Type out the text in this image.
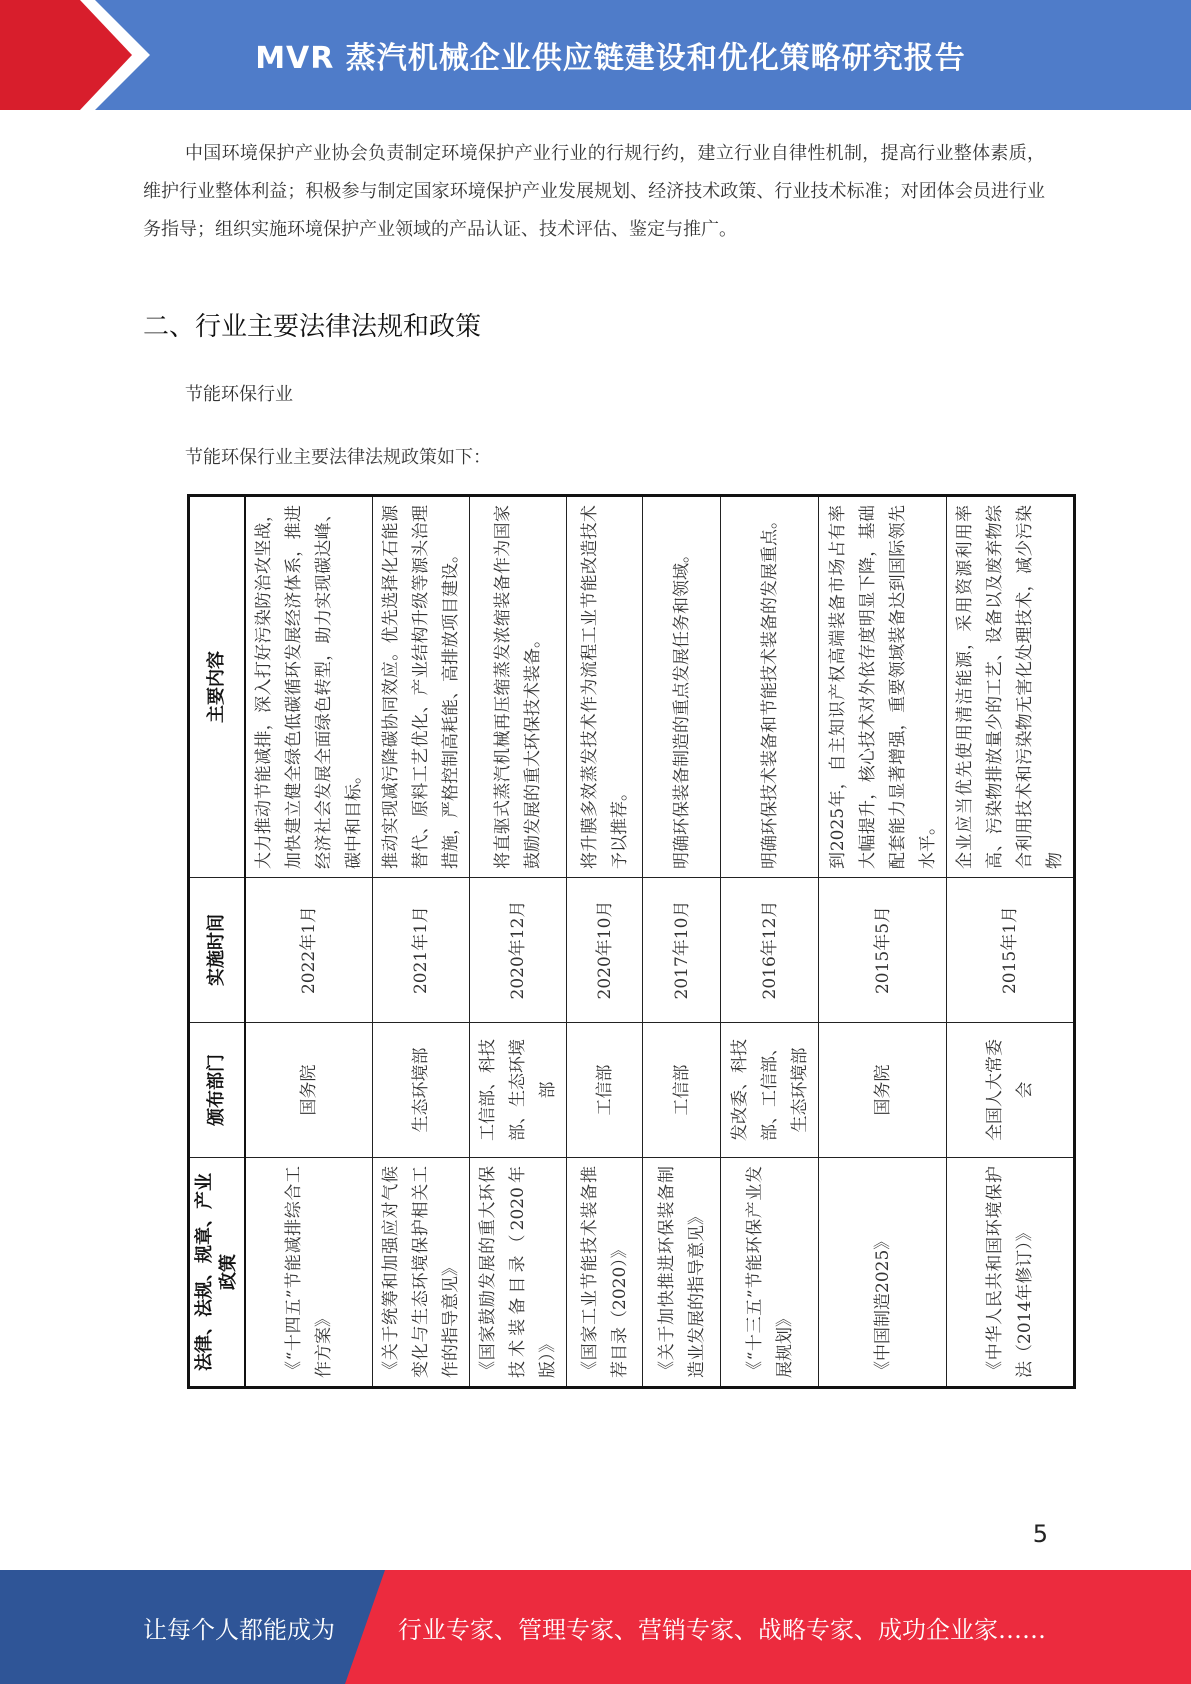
MVR 蒸汽机械企业供应链建设和优化策略研究报告

中国环境保护产业协会负责制定环境保护产业行业的行规行约，建立行业自律性机制，提高行业整体素质，维护行业整体利益；积极参与制定国家环境保护产业发展规划、经济技术政策、行业技术标准；对团体会员进行业务指导；组织实施环境保护产业领域的产品认证、技术评估、鉴定与推广。

二、行业主要法律法规和政策

节能环保行业

节能环保行业主要法律法规政策如下：

法律、法规、规章、产业政策	颁布部门	实施时间	主要内容
《“十四五”节能减排综合工作方案》	国务院	2022年1月	大力推动节能减排，深入打好污染防治攻坚战，加快建立健全绿色低碳循环发展经济体系，推进经济社会发展全面绿色转型，助力实现碳达峰、碳中和目标。
《关于统筹和加强应对气候变化与生态环境保护相关工作的指导意见》	生态环境部	2021年1月	推动实现减污降碳协同效应。优先选择化石能源替代、原料工艺优化、产业结构升级等源头治理措施，严格控制高耗能、高排放项目建设。
《国家鼓励发展的重大环保技术装备目录（2020年版）》	工信部、科技部、生态环境部	2020年12月	将直驱式蒸汽机械再压缩蒸发浓缩装备作为国家鼓励发展的重大环保技术装备。
《国家工业节能技术装备推荐目录（2020）》	工信部	2020年10月	将升膜多效蒸发技术作为流程工业节能改造技术予以推荐。
《关于加快推进环保装备制造业发展的指导意见》	工信部	2017年10月	明确环保装备制造的重点发展任务和领域。
《“十三五”节能环保产业发展规划》	发改委、科技部、工信部、生态环境部	2016年12月	明确环保技术装备和节能技术装备的发展重点。
《中国制造2025》	国务院	2015年5月	到2025年，自主知识产权高端装备市场占有率大幅提升，核心技术对外依存度明显下降，基础配套能力显著增强，重要领域装备达到国际领先水平。
《中华人民共和国环境保护法（2014年修订）》	全国人大常委会	2015年1月	企业应当优先使用清洁能源，采用资源利用率高、污染物排放量少的工艺、设备以及废弃物综合利用技术和污染物无害化处理技术，减少污染物
5
让每个人都能成为	行业专家、管理专家、营销专家、战略专家、成功企业家……
